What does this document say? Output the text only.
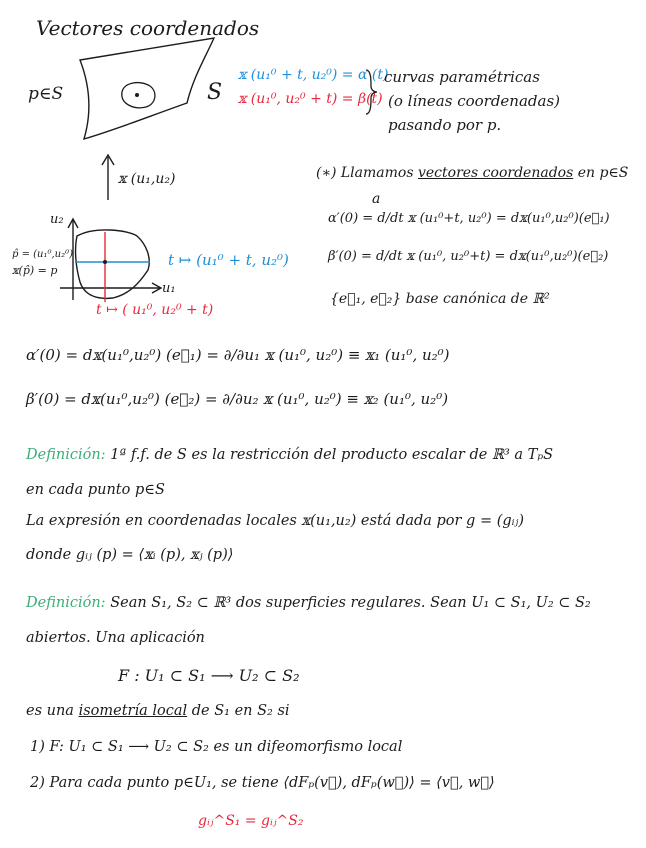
Vectores coordenados
p∈S	S
𝕩 (u₁,u₂)
u₂
p̂ = (u₁⁰,u₂⁰)
𝕩(p̂) = p
u₁
t ↦ (u₁⁰ + t, u₂⁰)
t ↦ ( u₁⁰, u₂⁰ + t)
𝕩 (u₁⁰ + t, u₂⁰) = α (t)
𝕩 (u₁⁰, u₂⁰ + t) = β(t)
curvas paramétricas
(o líneas coordenadas)
pasando por p.
(∗) Llamamos vectores coordenados en p∈S
a
α′(0) = d/dt 𝕩 (u₁⁰+t, u₂⁰) = d𝕩(u₁⁰,u₂⁰)(e⃗₁)
β′(0) = d/dt 𝕩 (u₁⁰, u₂⁰+t) = d𝕩(u₁⁰,u₂⁰)(e⃗₂)
{e⃗₁, e⃗₂} base canónica de ℝ²
α′(0) = d𝕩(u₁⁰,u₂⁰) (e⃗₁) = ∂/∂u₁ 𝕩 (u₁⁰, u₂⁰) ≡ 𝕩₁ (u₁⁰, u₂⁰)
β′(0) = d𝕩(u₁⁰,u₂⁰) (e⃗₂) = ∂/∂u₂ 𝕩 (u₁⁰, u₂⁰) ≡ 𝕩₂ (u₁⁰, u₂⁰)
Definición: 1ª f.f. de S es la restricción del producto escalar de ℝ³ a TₚS
en cada punto p∈S
La expresión en coordenadas locales 𝕩(u₁,u₂) está dada por g = (gᵢⱼ)
donde gᵢⱼ (p) = ⟨𝕩ᵢ (p), 𝕩ⱼ (p)⟩
Definición: Sean S₁, S₂ ⊂ ℝ³ dos superficies regulares. Sean U₁ ⊂ S₁, U₂ ⊂ S₂
abiertos. Una aplicación
F : U₁ ⊂ S₁ ⟶ U₂ ⊂ S₂
es una isometría local de S₁ en S₂ si
1) F: U₁ ⊂ S₁ ⟶ U₂ ⊂ S₂ es un difeomorfismo local
2) Para cada punto p∈U₁, se tiene ⟨dFₚ(v⃗), dFₚ(w⃗)⟩ = ⟨v⃗, w⃗⟩
gᵢⱼ^S₁ = gᵢⱼ^S₂
